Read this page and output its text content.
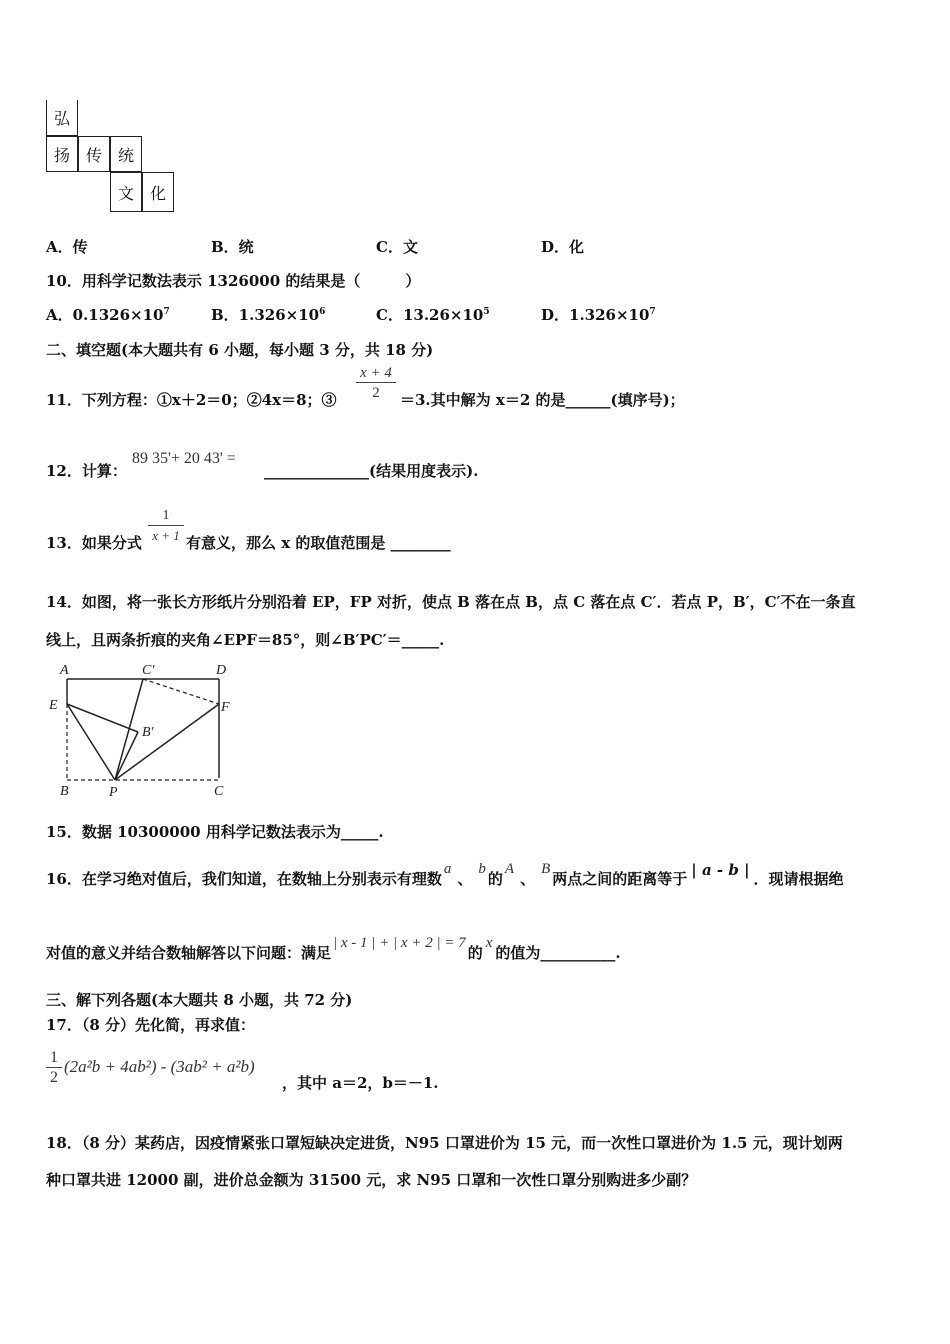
弘
扬 传 统
文 化
A．传	B．统	C．文	D．化
10．用科学记数法表示 1326000 的结果是（　　　）
A．$0.1326\times 10^7$	B．$1.326\times 10^6$	C．$13.26\times 10^5$	D．$1.326\times 10^7$
二、填空题(本大题共有 6 小题，每小题 3 分，共 18 分)
11．下列方程：①x＋2＝0；②4x＝8；③ $\frac{x + 4}{2} =3$.其中解为 x＝2 的是______(填序号)；
12．计算：
89 35'+ 20 43' =
______________(结果用度表示).
13．如果分式 $\frac{1}{x + 1}$ 有意义，那么 x 的取值范围是 ________
14．如图，将一张长方形纸片分别沿着 EP，FP 对折，使点 B 落在点 B，点 C 落在点 C′．若点 P，B′，C′不在一条直
线上，且两条折痕的夹角∠EPF＝85°，则∠B′PC′＝_____.
A	C′	D
E	F
B′
B	P	C
15．数据 10300000 用科学记数法表示为_____.
16．在学习绝对值后，我们知道，在数轴上分别表示有理数
a
、
b
的
A
、
B
两点之间的距离等于
| a - b |
．现请根据绝
对值的意义并结合数轴解答以下问题：满足
| x - 1 | + | x + 2 | = 7
的
x
的值为__________.
三、解下列各题(本大题共 8 小题，共 72 分)
17．（8 分）先化简，再求值：
$\frac{1}{2} (2a^2b + 4ab^2) - (3ab^2 + a^2b)$
，其中 a＝2，b＝－1.
18．（8 分）某药店，因疫情紧张口罩短缺决定进货，N95 口罩进价为 15 元，而一次性口罩进价为 1.5 元，现计划两
种口罩共进 12000 副，进价总金额为 31500 元，求 N95 口罩和一次性口罩分别购进多少副？
